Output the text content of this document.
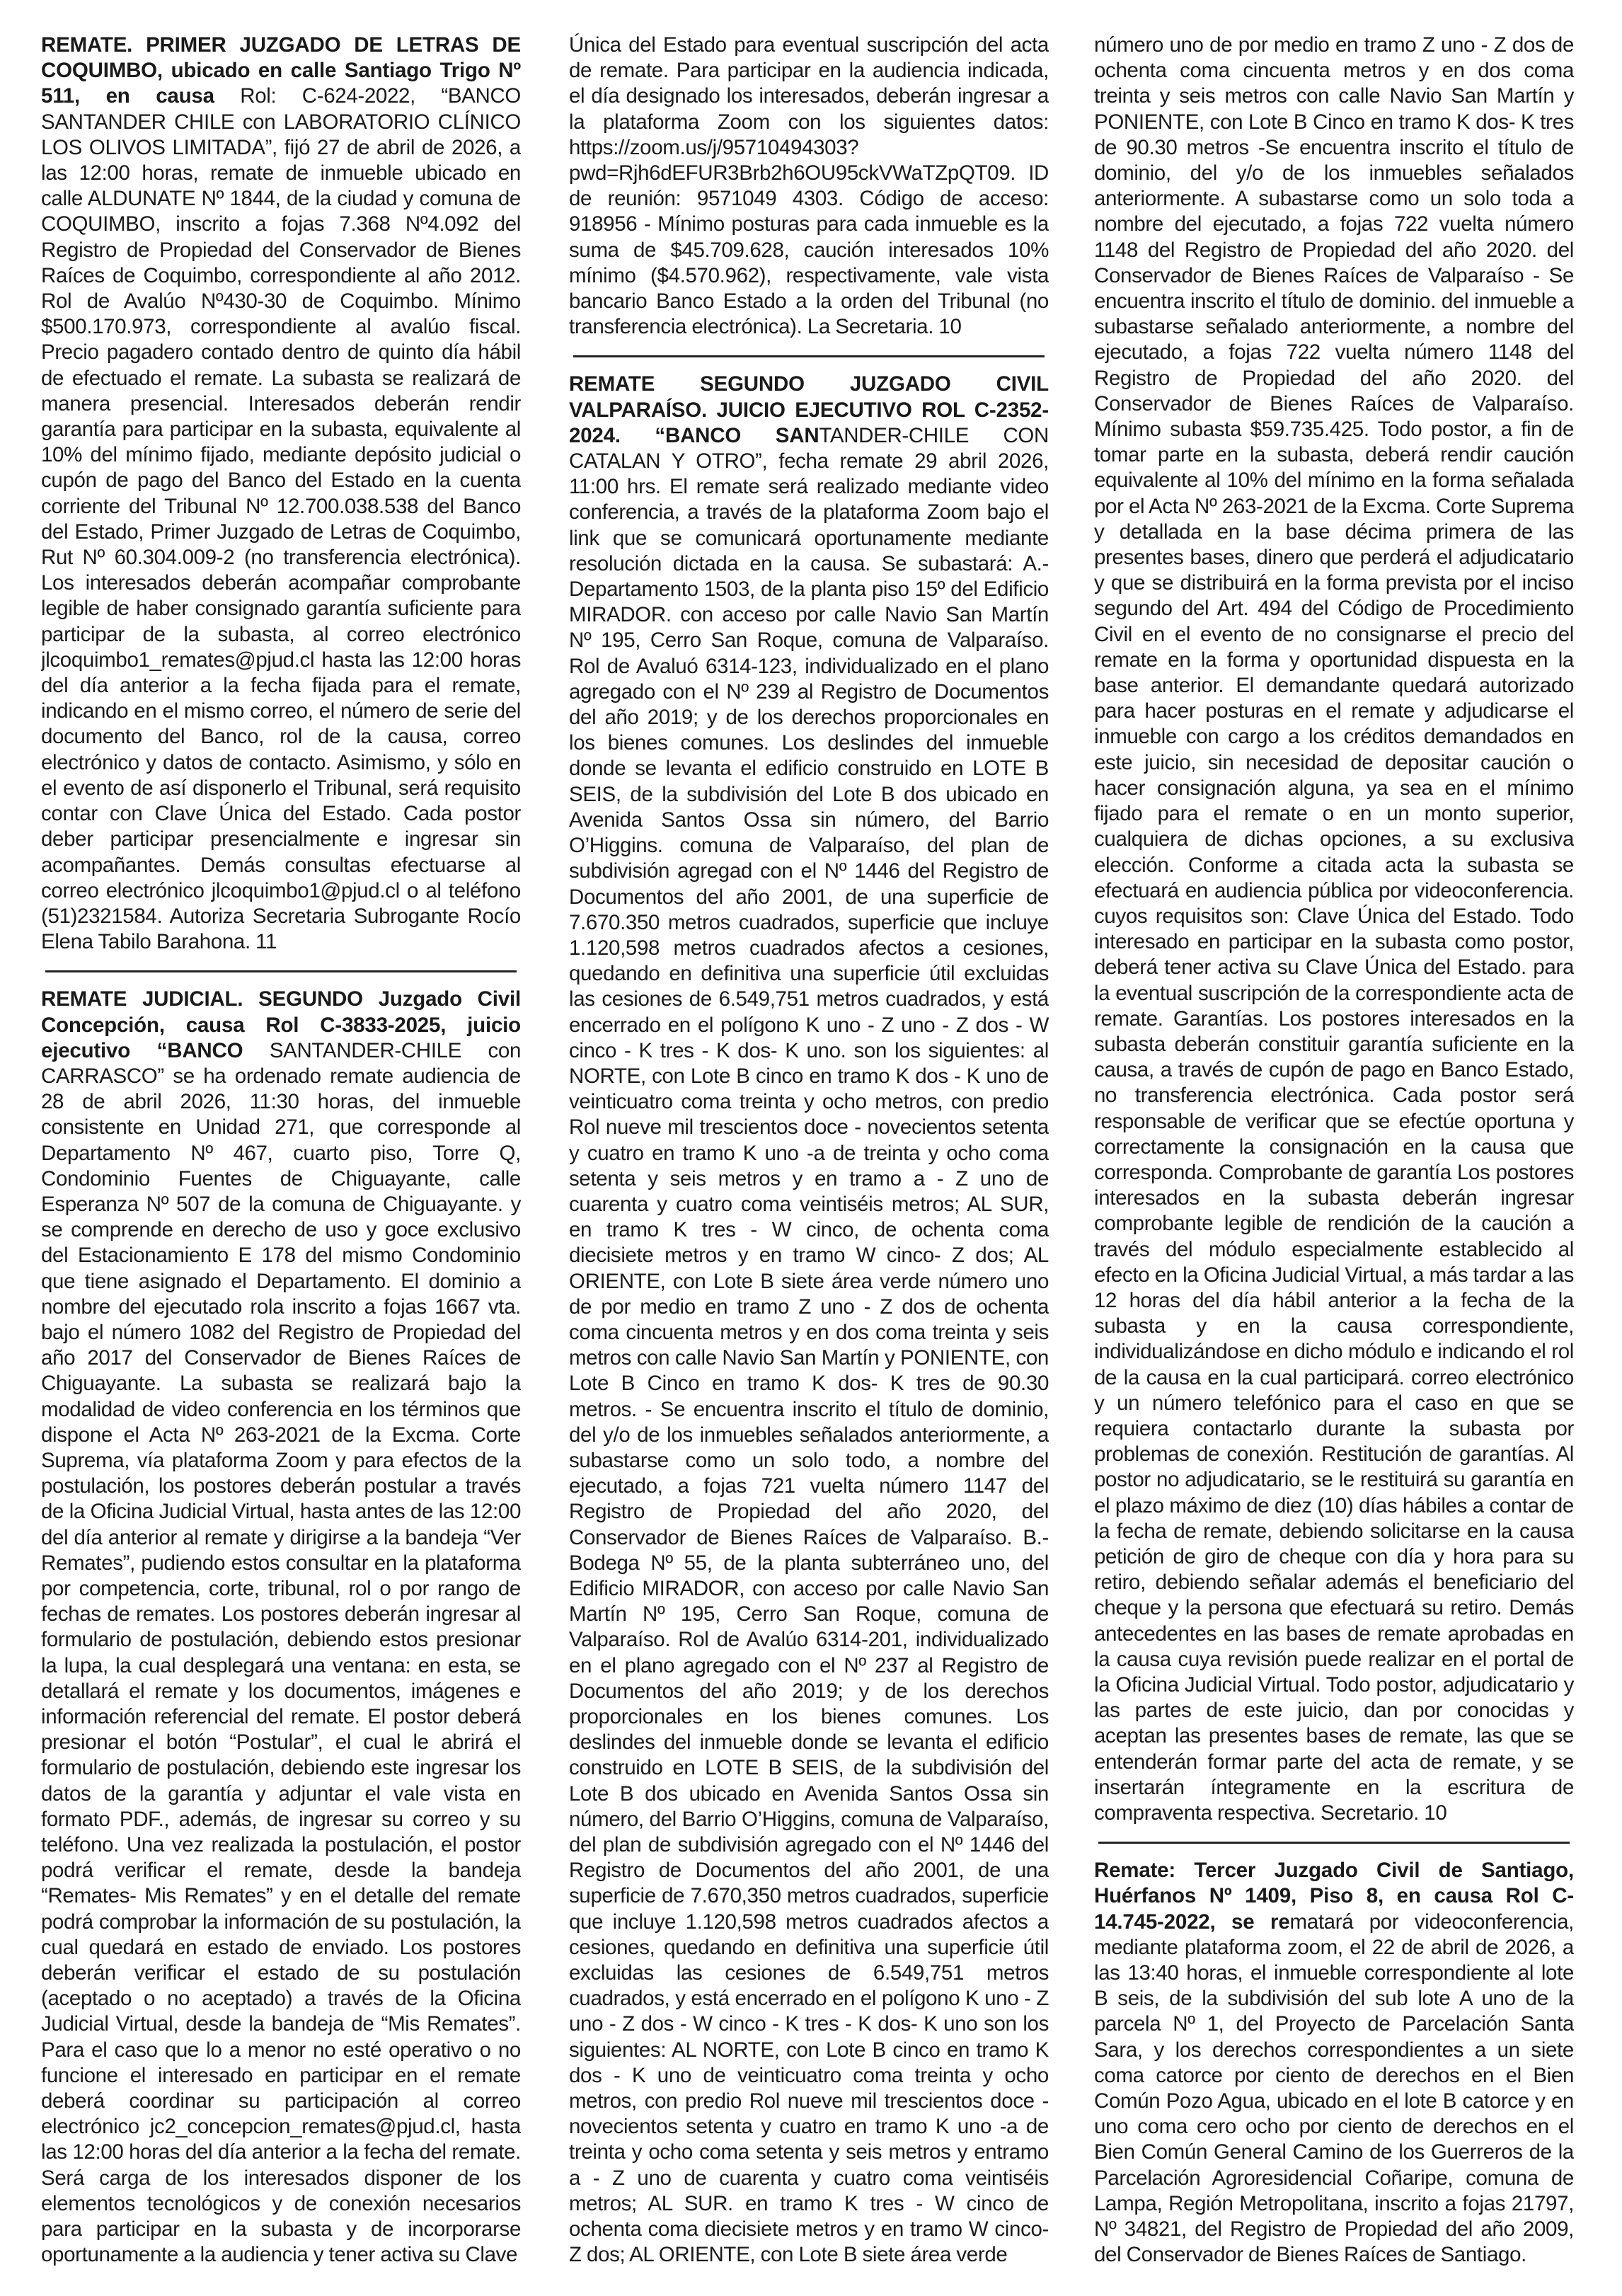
REMATE. PRIMER JUZGADO DE LETRAS DE COQUIMBO, ubicado en calle Santiago Trigo Nº 511, en causa Rol: C-624-2022, “BANCO SANTANDER CHILE con LABORATORIO CLÍNICO LOS OLIVOS LIMITADA”, fijó 27 de abril de 2026, a las 12:00 horas, remate de inmueble ubicado en calle ALDUNATE Nº 1844, de la ciudad y comuna de COQUIMBO, inscrito a fojas 7.368 Nº4.092 del Registro de Propiedad del Conservador de Bienes Raíces de Coquimbo, correspondiente al año 2012. Rol de Avalúo Nº430-30 de Coquimbo. Mínimo $500.170.973, correspondiente al avalúo fiscal. Precio pagadero contado dentro de quinto día hábil de efectuado el remate. La subasta se realizará de manera presencial. Interesados deberán rendir garantía para participar en la subasta, equivalente al 10% del mínimo fijado, mediante depósito judicial o cupón de pago del Banco del Estado en la cuenta corriente del Tribunal Nº 12.700.038.538 del Banco del Estado, Primer Juzgado de Letras de Coquimbo, Rut Nº 60.304.009-2 (no transferencia electrónica). Los interesados deberán acompañar comprobante legible de haber consignado garantía suficiente para participar de la subasta, al correo electrónico jlcoquimbo1_remates@pjud.cl hasta las 12:00 horas del día anterior a la fecha fijada para el remate, indicando en el mismo correo, el número de serie del documento del Banco, rol de la causa, correo electrónico y datos de contacto. Asimismo, y sólo en el evento de así disponerlo el Tribunal, será requisito contar con Clave Única del Estado. Cada postor deber participar presencialmente e ingresar sin acompañantes. Demás consultas efectuarse al correo electrónico jlcoquimbo1@pjud.cl o al teléfono (51)2321584. Autoriza Secretaria Subrogante Rocío Elena Tabilo Barahona. 11

REMATE JUDICIAL. SEGUNDO Juzgado Civil Concepción, causa Rol C-3833-2025, juicio ejecutivo “BANCO SANTANDER-CHILE con CARRASCO” se ha ordenado remate audiencia de 28 de abril 2026, 11:30 horas, del inmueble consistente en Unidad 271, que corresponde al Departamento Nº 467, cuarto piso, Torre Q, Condominio Fuentes de Chiguayante, calle Esperanza Nº 507 de la comuna de Chiguayante. y se comprende en derecho de uso y goce exclusivo del Estacionamiento E 178 del mismo Condominio que tiene asignado el Departamento. El dominio a nombre del ejecutado rola inscrito a fojas 1667 vta. bajo el número 1082 del Registro de Propiedad del año 2017 del Conservador de Bienes Raíces de Chiguayante. La subasta se realizará bajo la modalidad de video conferencia en los términos que dispone el Acta Nº 263-2021 de la Excma. Corte Suprema, vía plataforma Zoom y para efectos de la postulación, los postores deberán postular a través de la Oficina Judicial Virtual, hasta antes de las 12:00 del día anterior al remate y dirigirse a la bandeja “Ver Remates”, pudiendo estos consultar en la plataforma por competencia, corte, tribunal, rol o por rango de fechas de remates. Los postores deberán ingresar al formulario de postulación, debiendo estos presionar la lupa, la cual desplegará una ventana: en esta, se detallará el remate y los documentos, imágenes e información referencial del remate. El postor deberá presionar el botón “Postular”, el cual le abrirá el formulario de postulación, debiendo este ingresar los datos de la garantía y adjuntar el vale vista en formato PDF., además, de ingresar su correo y su teléfono. Una vez realizada la postulación, el postor podrá verificar el remate, desde la bandeja “Remates- Mis Remates” y en el detalle del remate podrá comprobar la información de su postulación, la cual quedará en estado de enviado. Los postores deberán verificar el estado de su postulación (aceptado o no aceptado) a través de la Oficina Judicial Virtual, desde la bandeja de “Mis Remates”. Para el caso que lo a menor no esté operativo o no funcione el interesado en participar en el remate deberá coordinar su participación al correo electrónico jc2_concepcion_remates@pjud.cl, hasta las 12:00 horas del día anterior a la fecha del remate. Será carga de los interesados disponer de los elementos tecnológicos y de conexión necesarios para participar en la subasta y de incorporarse oportunamente a la audiencia y tener activa su Clave

Única del Estado para eventual suscripción del acta de remate. Para participar en la audiencia indicada, el día designado los interesados, deberán ingresar a la plataforma Zoom con los siguientes datos: https://zoom.us/j/95710494303?pwd=Rjh6dEFUR3Brb2h6OU95ckVWaTZpQT09. ID de reunión: 9571049 4303. Código de acceso: 918956 - Mínimo posturas para cada inmueble es la suma de $45.709.628, caución interesados 10% mínimo ($4.570.962), respectivamente, vale vista bancario Banco Estado a la orden del Tribunal (no transferencia electrónica). La Secretaria. 10

REMATE SEGUNDO JUZGADO CIVIL VALPARAÍSO. JUICIO EJECUTIVO ROL C-2352-2024. “BANCO SANTANDER-CHILE CON CATALAN Y OTRO”, fecha remate 29 abril 2026, 11:00 hrs. El remate será realizado mediante video conferencia, a través de la plataforma Zoom bajo el link que se comunicará oportunamente mediante resolución dictada en la causa. Se subastará: A.- Departamento 1503, de la planta piso 15º del Edificio MIRADOR. con acceso por calle Navio San Martín Nº 195, Cerro San Roque, comuna de Valparaíso. Rol de Avaluó 6314-123, individualizado en el plano agregado con el Nº 239 al Registro de Documentos del año 2019; y de los derechos proporcionales en los bienes comunes. Los deslindes del inmueble donde se levanta el edificio construido en LOTE B SEIS, de la subdivisión del Lote B dos ubicado en Avenida Santos Ossa sin número, del Barrio O’Higgins. comuna de Valparaíso, del plan de subdivisión agregad con el Nº 1446 del Registro de Documentos del año 2001, de una superficie de 7.670.350 metros cuadrados, superficie que incluye 1.120,598 metros cuadrados afectos a cesiones, quedando en definitiva una superficie útil excluidas las cesiones de 6.549,751 metros cuadrados, y está encerrado en el polígono K uno - Z uno - Z dos - W cinco - K tres - K dos- K uno. son los siguientes: al NORTE, con Lote B cinco en tramo K dos - K uno de veinticuatro coma treinta y ocho metros, con predio Rol nueve mil trescientos doce - novecientos setenta y cuatro en tramo K uno -a de treinta y ocho coma setenta y seis metros y en tramo a - Z uno de cuarenta y cuatro coma veintiséis metros; AL SUR, en tramo K tres - W cinco, de ochenta coma diecisiete metros y en tramo W cinco- Z dos; AL ORIENTE, con Lote B siete área verde número uno de por medio en tramo Z uno - Z dos de ochenta coma cincuenta metros y en dos coma treinta y seis metros con calle Navio San Martín y PONIENTE, con Lote B Cinco en tramo K dos- K tres de 90.30 metros. - Se encuentra inscrito el título de dominio, del y/o de los inmuebles señalados anteriormente, a subastarse como un solo todo, a nombre del ejecutado, a fojas 721 vuelta número 1147 del Registro de Propiedad del año 2020, del Conservador de Bienes Raíces de Valparaíso. B.-Bodega Nº 55, de la planta subterráneo uno, del Edificio MIRADOR, con acceso por calle Navio San Martín Nº 195, Cerro San Roque, comuna de Valparaíso. Rol de Avalúo 6314-201, individualizado en el plano agregado con el Nº 237 al Registro de Documentos del año 2019; y de los derechos proporcionales en los bienes comunes. Los deslindes del inmueble donde se levanta el edificio construido en LOTE B SEIS, de la subdivisión del Lote B dos ubicado en Avenida Santos Ossa sin número, del Barrio O’Higgins, comuna de Valparaíso, del plan de subdivisión agregado con el Nº 1446 del Registro de Documentos del año 2001, de una superficie de 7.670,350 metros cuadrados, superficie que incluye 1.120,598 metros cuadrados afectos a cesiones, quedando en definitiva una superficie útil excluidas las cesiones de 6.549,751 metros cuadrados, y está encerrado en el polígono K uno - Z uno - Z dos - W cinco - K tres - K dos- K uno son los siguientes: AL NORTE, con Lote B cinco en tramo K dos - K uno de veinticuatro coma treinta y ocho metros, con predio Rol nueve mil trescientos doce - novecientos setenta y cuatro en tramo K uno -a de treinta y ocho coma setenta y seis metros y entramo a - Z uno de cuarenta y cuatro coma veintiséis metros; AL SUR. en tramo K tres - W cinco de ochenta coma diecisiete metros y en tramo W cinco- Z dos; AL ORIENTE, con Lote B siete área verde

número uno de por medio en tramo Z uno - Z dos de ochenta coma cincuenta metros y en dos coma treinta y seis metros con calle Navio San Martín y PONIENTE, con Lote B Cinco en tramo K dos- K tres de 90.30 metros -Se encuentra inscrito el título de dominio, del y/o de los inmuebles señalados anteriormente. A subastarse como un solo toda a nombre del ejecutado, a fojas 722 vuelta número 1148 del Registro de Propiedad del año 2020. del Conservador de Bienes Raíces de Valparaíso - Se encuentra inscrito el título de dominio. del inmueble a subastarse señalado anteriormente, a nombre del ejecutado, a fojas 722 vuelta número 1148 del Registro de Propiedad del año 2020. del Conservador de Bienes Raíces de Valparaíso. Mínimo subasta $59.735.425. Todo postor, a fin de tomar parte en la subasta, deberá rendir caución equivalente al 10% del mínimo en la forma señalada por el Acta Nº 263-2021 de la Excma. Corte Suprema y detallada en la base décima primera de las presentes bases, dinero que perderá el adjudicatario y que se distribuirá en la forma prevista por el inciso segundo del Art. 494 del Código de Procedimiento Civil en el evento de no consignarse el precio del remate en la forma y oportunidad dispuesta en la base anterior. El demandante quedará autorizado para hacer posturas en el remate y adjudicarse el inmueble con cargo a los créditos demandados en este juicio, sin necesidad de depositar caución o hacer consignación alguna, ya sea en el mínimo fijado para el remate o en un monto superior, cualquiera de dichas opciones, a su exclusiva elección. Conforme a citada acta la subasta se efectuará en audiencia pública por videoconferencia. cuyos requisitos son: Clave Única del Estado. Todo interesado en participar en la subasta como postor, deberá tener activa su Clave Única del Estado. para la eventual suscripción de la correspondiente acta de remate. Garantías. Los postores interesados en la subasta deberán constituir garantía suficiente en la causa, a través de cupón de pago en Banco Estado, no transferencia electrónica. Cada postor será responsable de verificar que se efectúe oportuna y correctamente la consignación en la causa que corresponda. Comprobante de garantía Los postores interesados en la subasta deberán ingresar comprobante legible de rendición de la caución a través del módulo especialmente establecido al efecto en la Oficina Judicial Virtual, a más tardar a las 12 horas del día hábil anterior a la fecha de la subasta y en la causa correspondiente, individualizándose en dicho módulo e indicando el rol de la causa en la cual participará. correo electrónico y un número telefónico para el caso en que se requiera contactarlo durante la subasta por problemas de conexión. Restitución de garantías. Al postor no adjudicatario, se le restituirá su garantía en el plazo máximo de diez (10) días hábiles a contar de la fecha de remate, debiendo solicitarse en la causa petición de giro de cheque con día y hora para su retiro, debiendo señalar además el beneficiario del cheque y la persona que efectuará su retiro. Demás antecedentes en las bases de remate aprobadas en la causa cuya revisión puede realizar en el portal de la Oficina Judicial Virtual. Todo postor, adjudicatario y las partes de este juicio, dan por conocidas y aceptan las presentes bases de remate, las que se entenderán formar parte del acta de remate, y se insertarán íntegramente en la escritura de compraventa respectiva. Secretario. 10

Remate: Tercer Juzgado Civil de Santiago, Huérfanos Nº 1409, Piso 8, en causa Rol C-14.745-2022, se rematará por videoconferencia, mediante plataforma zoom, el 22 de abril de 2026, a las 13:40 horas, el inmueble correspondiente al lote B seis, de la subdivisión del sub lote A uno de la parcela Nº 1, del Proyecto de Parcelación Santa Sara, y los derechos correspondientes a un siete coma catorce por ciento de derechos en el Bien Común Pozo Agua, ubicado en el lote B catorce y en uno coma cero ocho por ciento de derechos en el Bien Común General Camino de los Guerreros de la Parcelación Agroresidencial Coñaripe, comuna de Lampa, Región Metropolitana, inscrito a fojas 21797, Nº 34821, del Registro de Propiedad del año 2009, del Conservador de Bienes Raíces de Santiago.
